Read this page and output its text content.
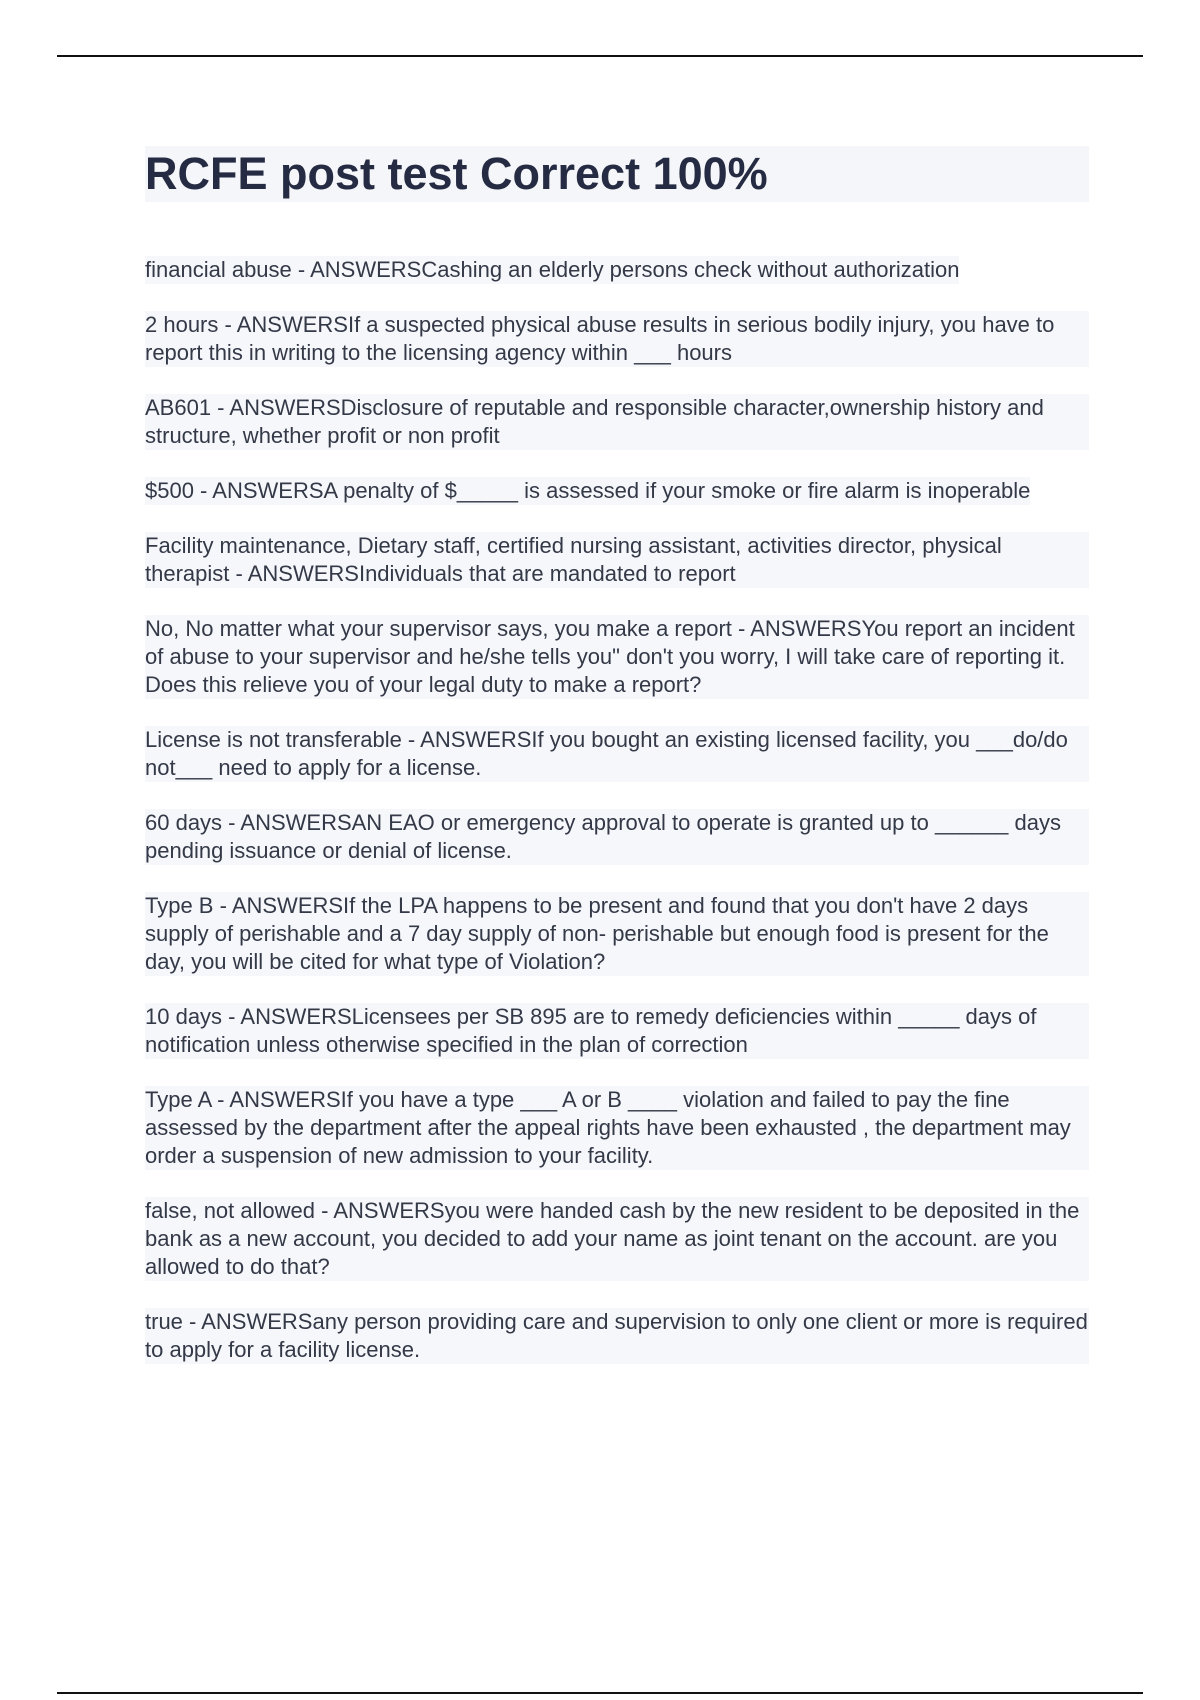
RCFE post test Correct 100%

financial abuse - ANSWERSCashing an elderly persons check without authorization

2 hours - ANSWERSIf a suspected physical abuse results in serious bodily injury, you have to report this in writing to the licensing agency within ___ hours

AB601 - ANSWERSDisclosure of reputable and responsible character,ownership history and structure, whether profit or non profit

$500 - ANSWERSA penalty of $_____ is assessed if your smoke or fire alarm is inoperable

Facility maintenance, Dietary staff, certified nursing assistant, activities director, physical therapist - ANSWERSIndividuals that are mandated to report

No, No matter what your supervisor says, you make a report - ANSWERSYou report an incident of abuse to your supervisor and he/she tells you" don't you worry, I will take care of reporting it. Does this relieve you of your legal duty to make a report?

License is not transferable - ANSWERSIf you bought an existing licensed facility, you ___do/do not___ need to apply for a license.

60 days - ANSWERSAN EAO or emergency approval to operate is granted up to ______ days pending issuance or denial of license.

Type B - ANSWERSIf the LPA happens to be present and found that you don't have 2 days supply of perishable and a 7 day supply of non- perishable but enough food is present for the day, you will be cited for what type of Violation?

10 days - ANSWERSLicensees per SB 895 are to remedy deficiencies within _____ days of notification unless otherwise specified in the plan of correction

Type A - ANSWERSIf you have a type ___ A or B ____ violation and failed to pay the fine assessed by the department after the appeal rights have been exhausted , the department may order a suspension of new admission to your facility.

false, not allowed - ANSWERSyou were handed cash by the new resident to be deposited in the bank as a new account, you decided to add your name as joint tenant on the account. are you allowed to do that?

true - ANSWERSany person providing care and supervision to only one client or more is required to apply for a facility license.
